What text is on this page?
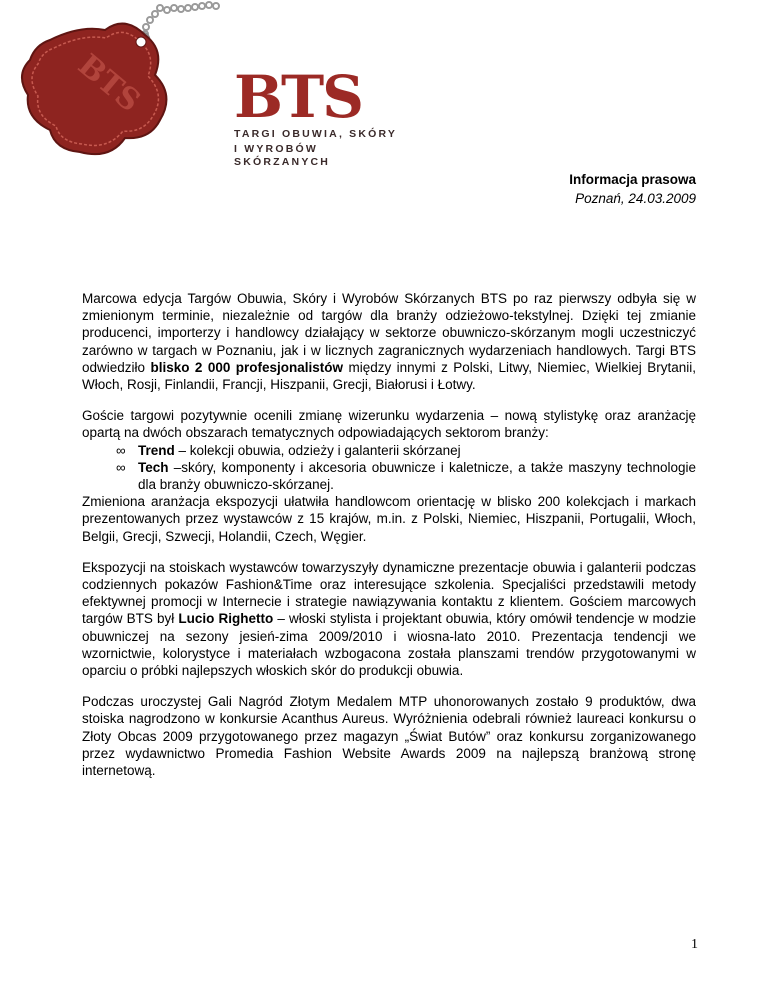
BTS BTS
TARGI OBUWIA, SKÓRY
I WYROBÓW SKÓRZANYCH
Informacja prasowa
Poznań, 24.03.2009

Marcowa edycja Targów Obuwia, Skóry i Wyrobów Skórzanych BTS po raz pierwszy odbyła się w zmienionym terminie, niezależnie od targów dla branży odzieżowo-tekstylnej. Dzięki tej zmianie producenci, importerzy i handlowcy działający w sektorze obuwniczo-skórzanym mogli uczestniczyć zarówno w targach w Poznaniu, jak i w licznych zagranicznych wydarzeniach handlowych. Targi BTS odwiedziło blisko 2 000 profesjonalistów między innymi z Polski, Litwy, Niemiec, Wielkiej Brytanii, Włoch, Rosji, Finlandii, Francji, Hiszpanii, Grecji, Białorusi i Łotwy.

Goście targowi pozytywnie ocenili zmianę wizerunku wydarzenia – nową stylistykę oraz aranżację opartą na dwóch obszarach tematycznych odpowiadających sektorom branży:

∞ Trend – kolekcji obuwia, odzieży i galanterii skórzanej
∞ Tech –skóry, komponenty i akcesoria obuwnicze i kaletnicze, a także maszyny technologie dla branży obuwniczo-skórzanej.

Zmieniona aranżacja ekspozycji ułatwiła handlowcom orientację w blisko 200 kolekcjach i markach prezentowanych przez wystawców z 15 krajów, m.in. z Polski, Niemiec, Hiszpanii, Portugalii, Włoch, Belgii, Grecji, Szwecji, Holandii, Czech, Węgier.

Ekspozycji na stoiskach wystawców towarzyszyły dynamiczne prezentacje obuwia i galanterii podczas codziennych pokazów Fashion&Time oraz interesujące szkolenia. Specjaliści przedstawili metody efektywnej promocji w Internecie i strategie nawiązywania kontaktu z klientem. Gościem marcowych targów BTS był Lucio Righetto – włoski stylista i projektant obuwia, który omówił tendencje w modzie obuwniczej na sezony jesień-zima 2009/2010 i wiosna-lato 2010. Prezentacja tendencji we wzornictwie, kolorystyce i materiałach wzbogacona została planszami trendów przygotowanymi w oparciu o próbki najlepszych włoskich skór do produkcji obuwia.

Podczas uroczystej Gali Nagród Złotym Medalem MTP uhonorowanych zostało 9 produktów, dwa stoiska nagrodzono w konkursie Acanthus Aureus. Wyróżnienia odebrali również laureaci konkursu o Złoty Obcas 2009 przygotowanego przez magazyn „Świat Butów” oraz konkursu zorganizowanego przez wydawnictwo Promedia Fashion Website Awards 2009 na najlepszą branżową stronę internetową.

1
